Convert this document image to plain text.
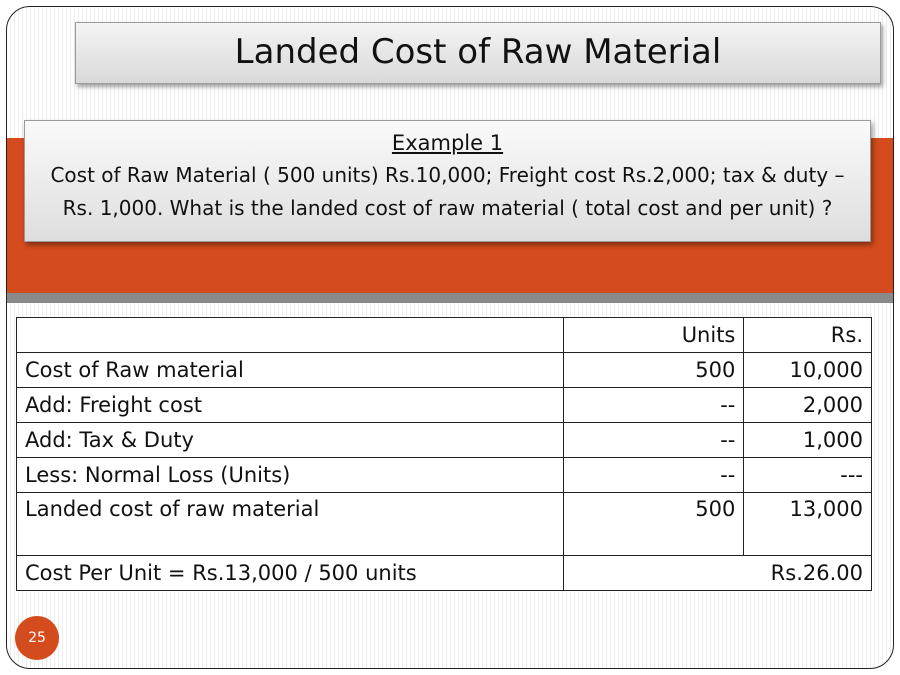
Landed Cost of Raw Material
Example 1
Cost of Raw Material ( 500 units) Rs.10,000; Freight cost Rs.2,000; tax & duty – Rs. 1,000. What is the landed cost of raw material ( total cost and per unit) ?
	Units	Rs.
Cost of Raw material	500	10,000
Add: Freight cost	--	2,000
Add: Tax & Duty	--	1,000
Less: Normal Loss (Units)	--	---
Landed cost of raw material	500	13,000
Cost Per Unit = Rs.13,000 / 500 units	Rs.26.00	
25
